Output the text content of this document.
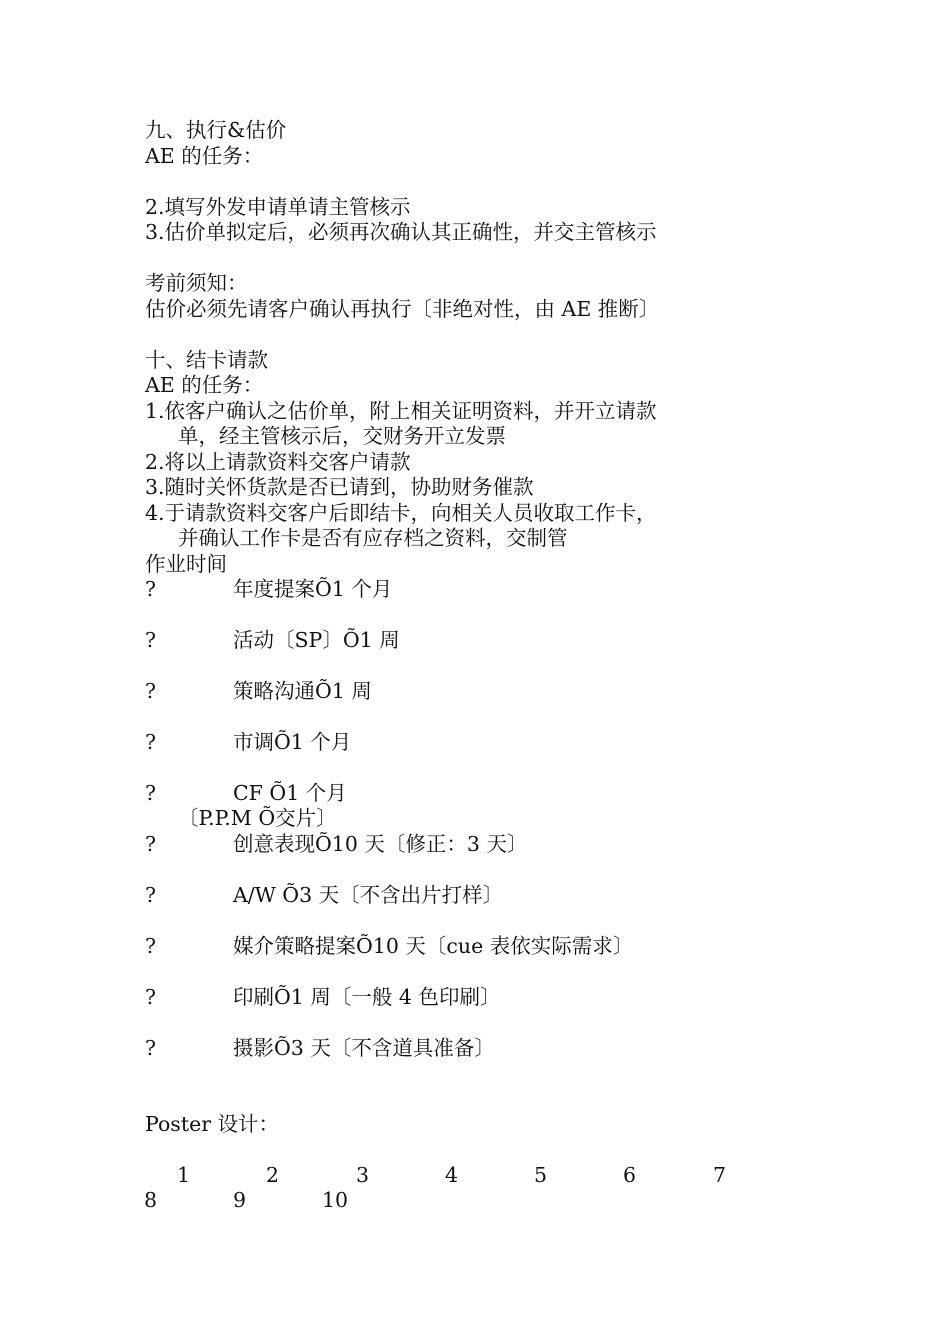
九、执行&估价
AE 的任务：
2.填写外发申请单请主管核示
3.估价单拟定后，必须再次确认其正确性，并交主管核示
考前须知：
估价必须先请客户确认再执行〔非绝对性，由 AE 推断〕
十、结卡请款
AE 的任务：
1.依客户确认之估价单，附上相关证明资料，并开立请款
单，经主管核示后，交财务开立发票
2.将以上请款资料交客户请款
3.随时关怀货款是否已请到，协助财务催款
4.于请款资料交客户后即结卡，向相关人员收取工作卡，
并确认工作卡是否有应存档之资料，交制管
作业时间
?	年度提案Õ1 个月
?	活动〔SP〕Õ1 周
?	策略沟通Õ1 周
?	市调Õ1 个月
?	CF Õ1 个月
〔P.P.M Õ交片〕
?	创意表现Õ10 天〔修正：3 天〕
?	A/W Õ3 天〔不含出片打样〕
?	媒介策略提案Õ10 天〔cue 表依实际需求〕
?	印刷Õ1 周〔一般 4 色印刷〕
?	摄影Õ3 天〔不含道具准备〕
Poster 设计：
1	2	3	4	5	6	7
8	9	10
